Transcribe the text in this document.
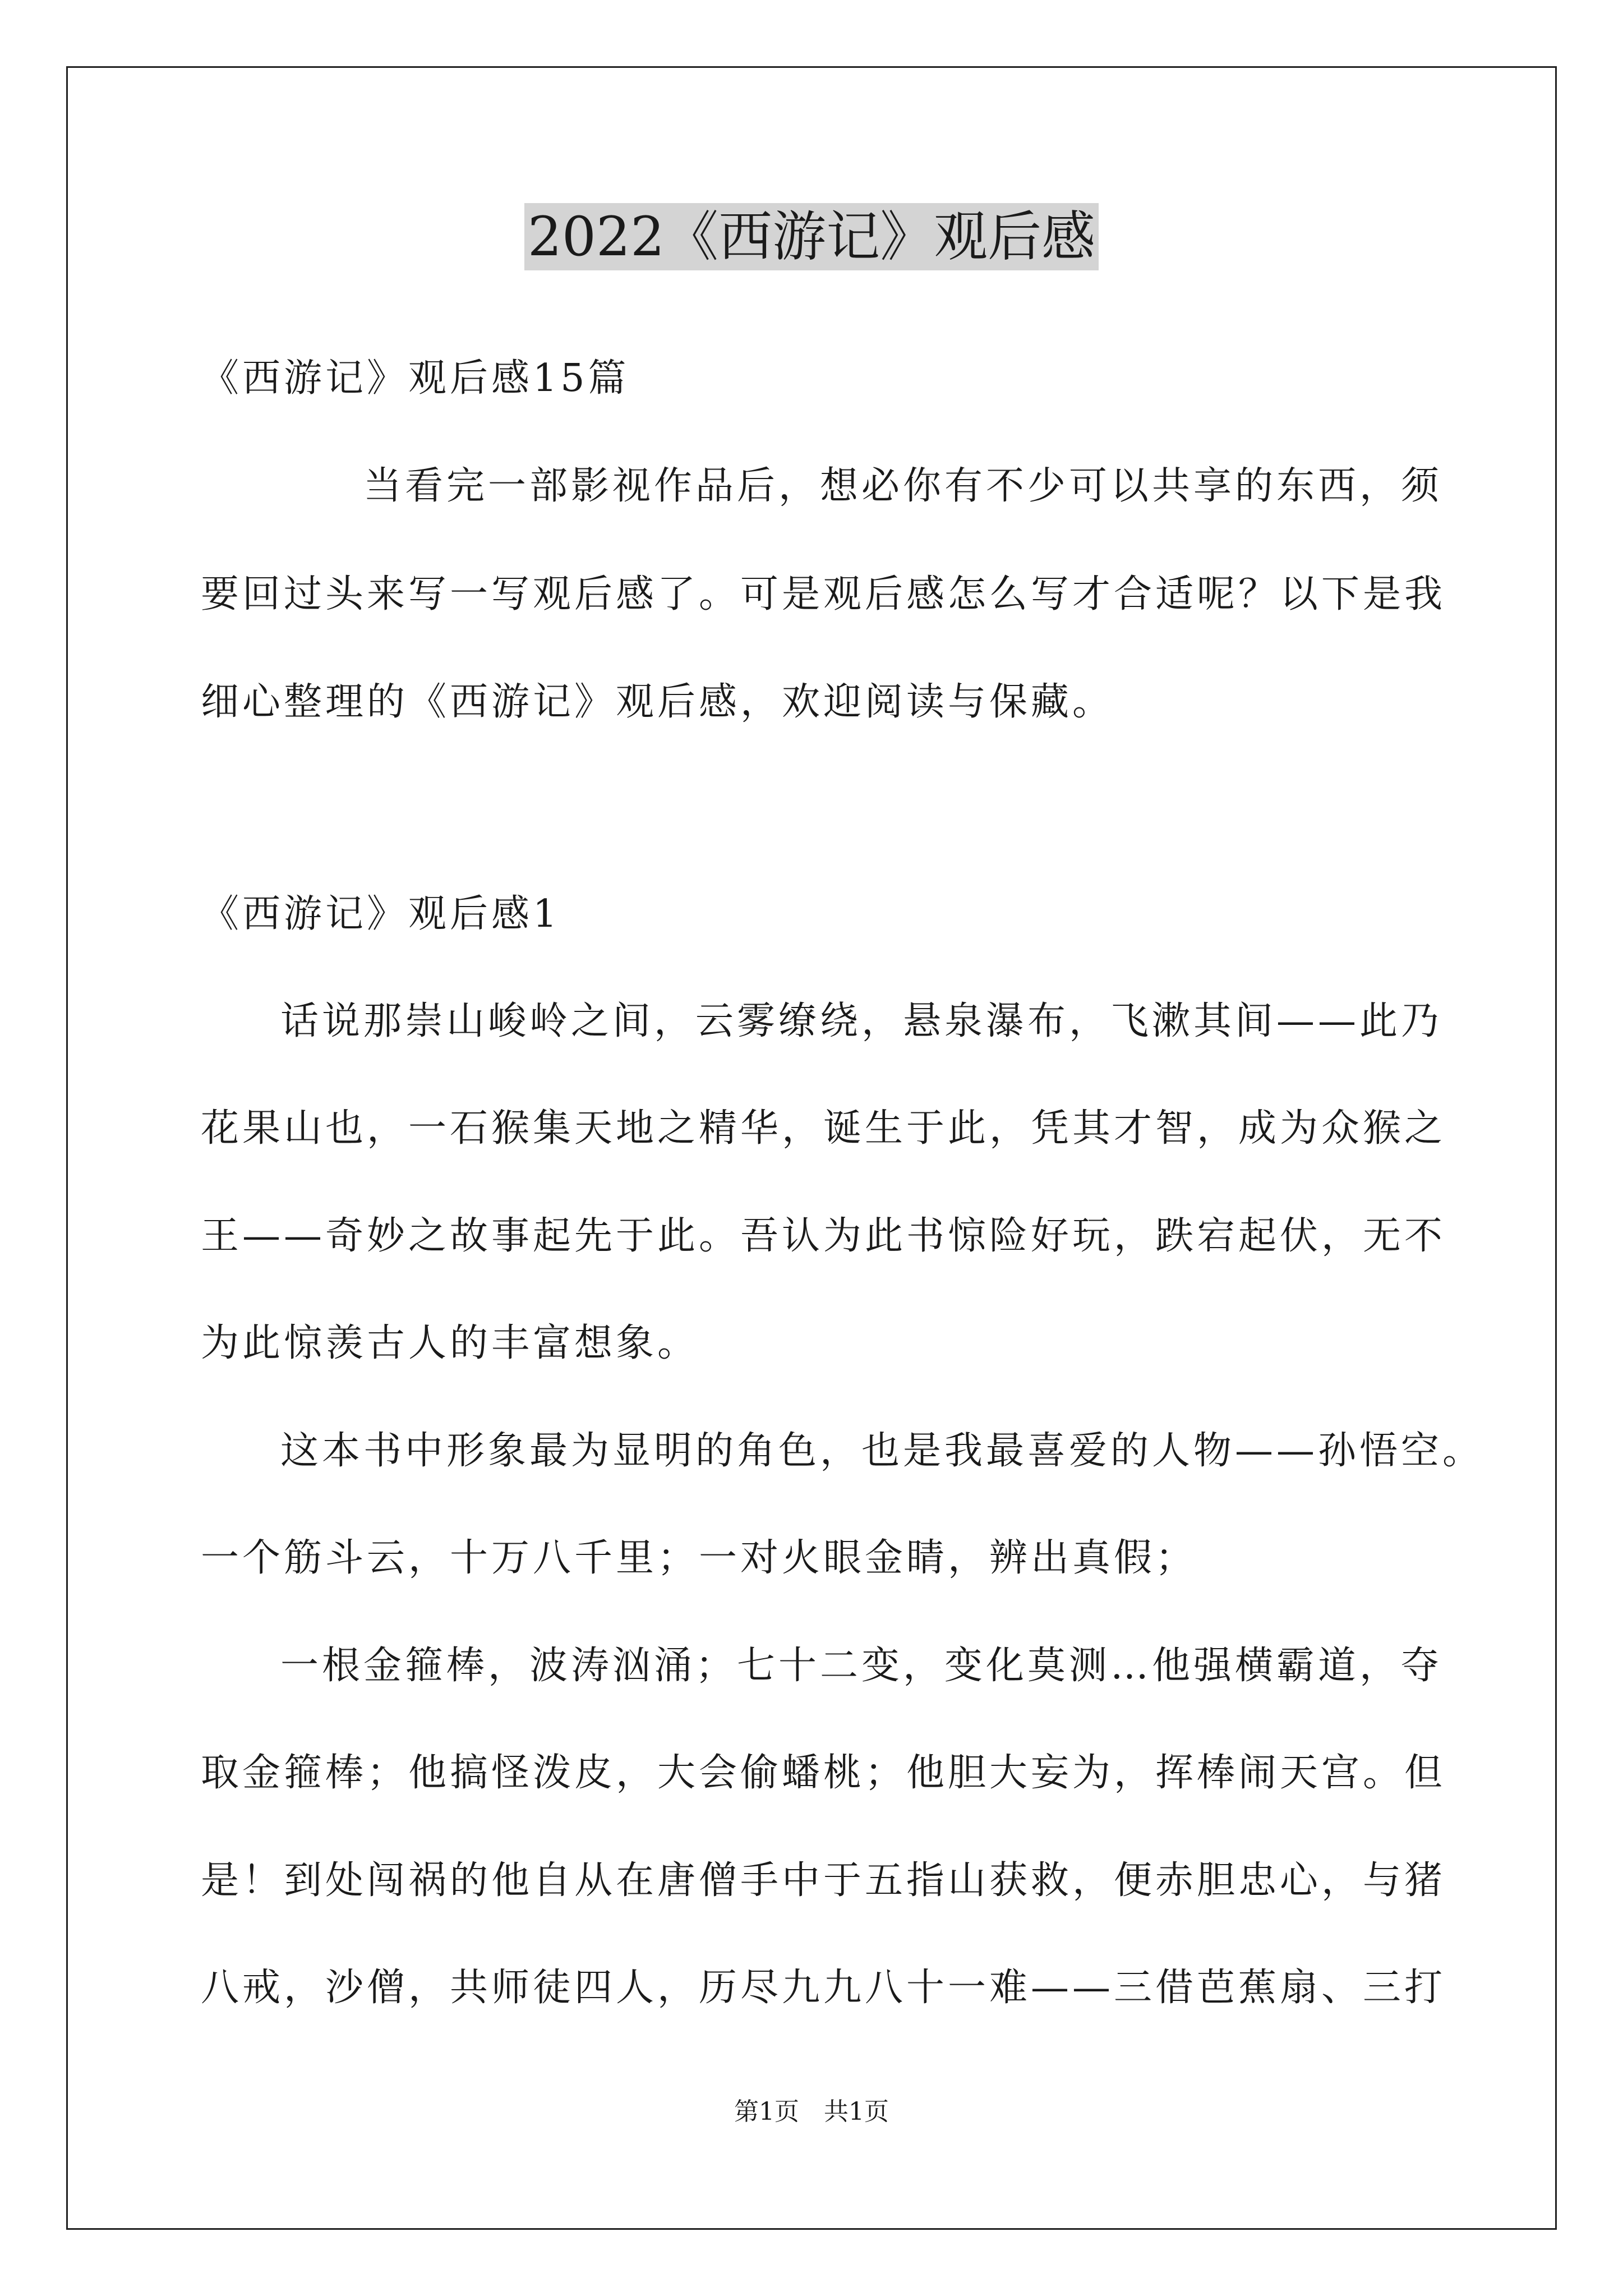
2022《西游记》观后感
《西游记》观后感15篇
当看完一部影视作品后，想必你有不少可以共享的东西，须
要回过头来写一写观后感了。可是观后感怎么写才合适呢？以下是我
细心整理的《西游记》观后感，欢迎阅读与保藏。
《西游记》观后感1
话说那崇山峻岭之间，云雾缭绕，悬泉瀑布，飞漱其间——此乃
花果山也，一石猴集天地之精华，诞生于此，凭其才智，成为众猴之
王——奇妙之故事起先于此。吾认为此书惊险好玩，跌宕起伏，无不
为此惊羡古人的丰富想象。
这本书中形象最为显明的角色，也是我最喜爱的人物——孙悟空。
一个筋斗云，十万八千里；一对火眼金睛，辨出真假；
一根金箍棒，波涛汹涌；七十二变，变化莫测…他强横霸道，夺
取金箍棒；他搞怪泼皮，大会偷蟠桃；他胆大妄为，挥棒闹天宫。但
是！到处闯祸的他自从在唐僧手中于五指山获救，便赤胆忠心，与猪
八戒，沙僧，共师徒四人，历尽九九八十一难——三借芭蕉扇、三打
第1页　共1页
